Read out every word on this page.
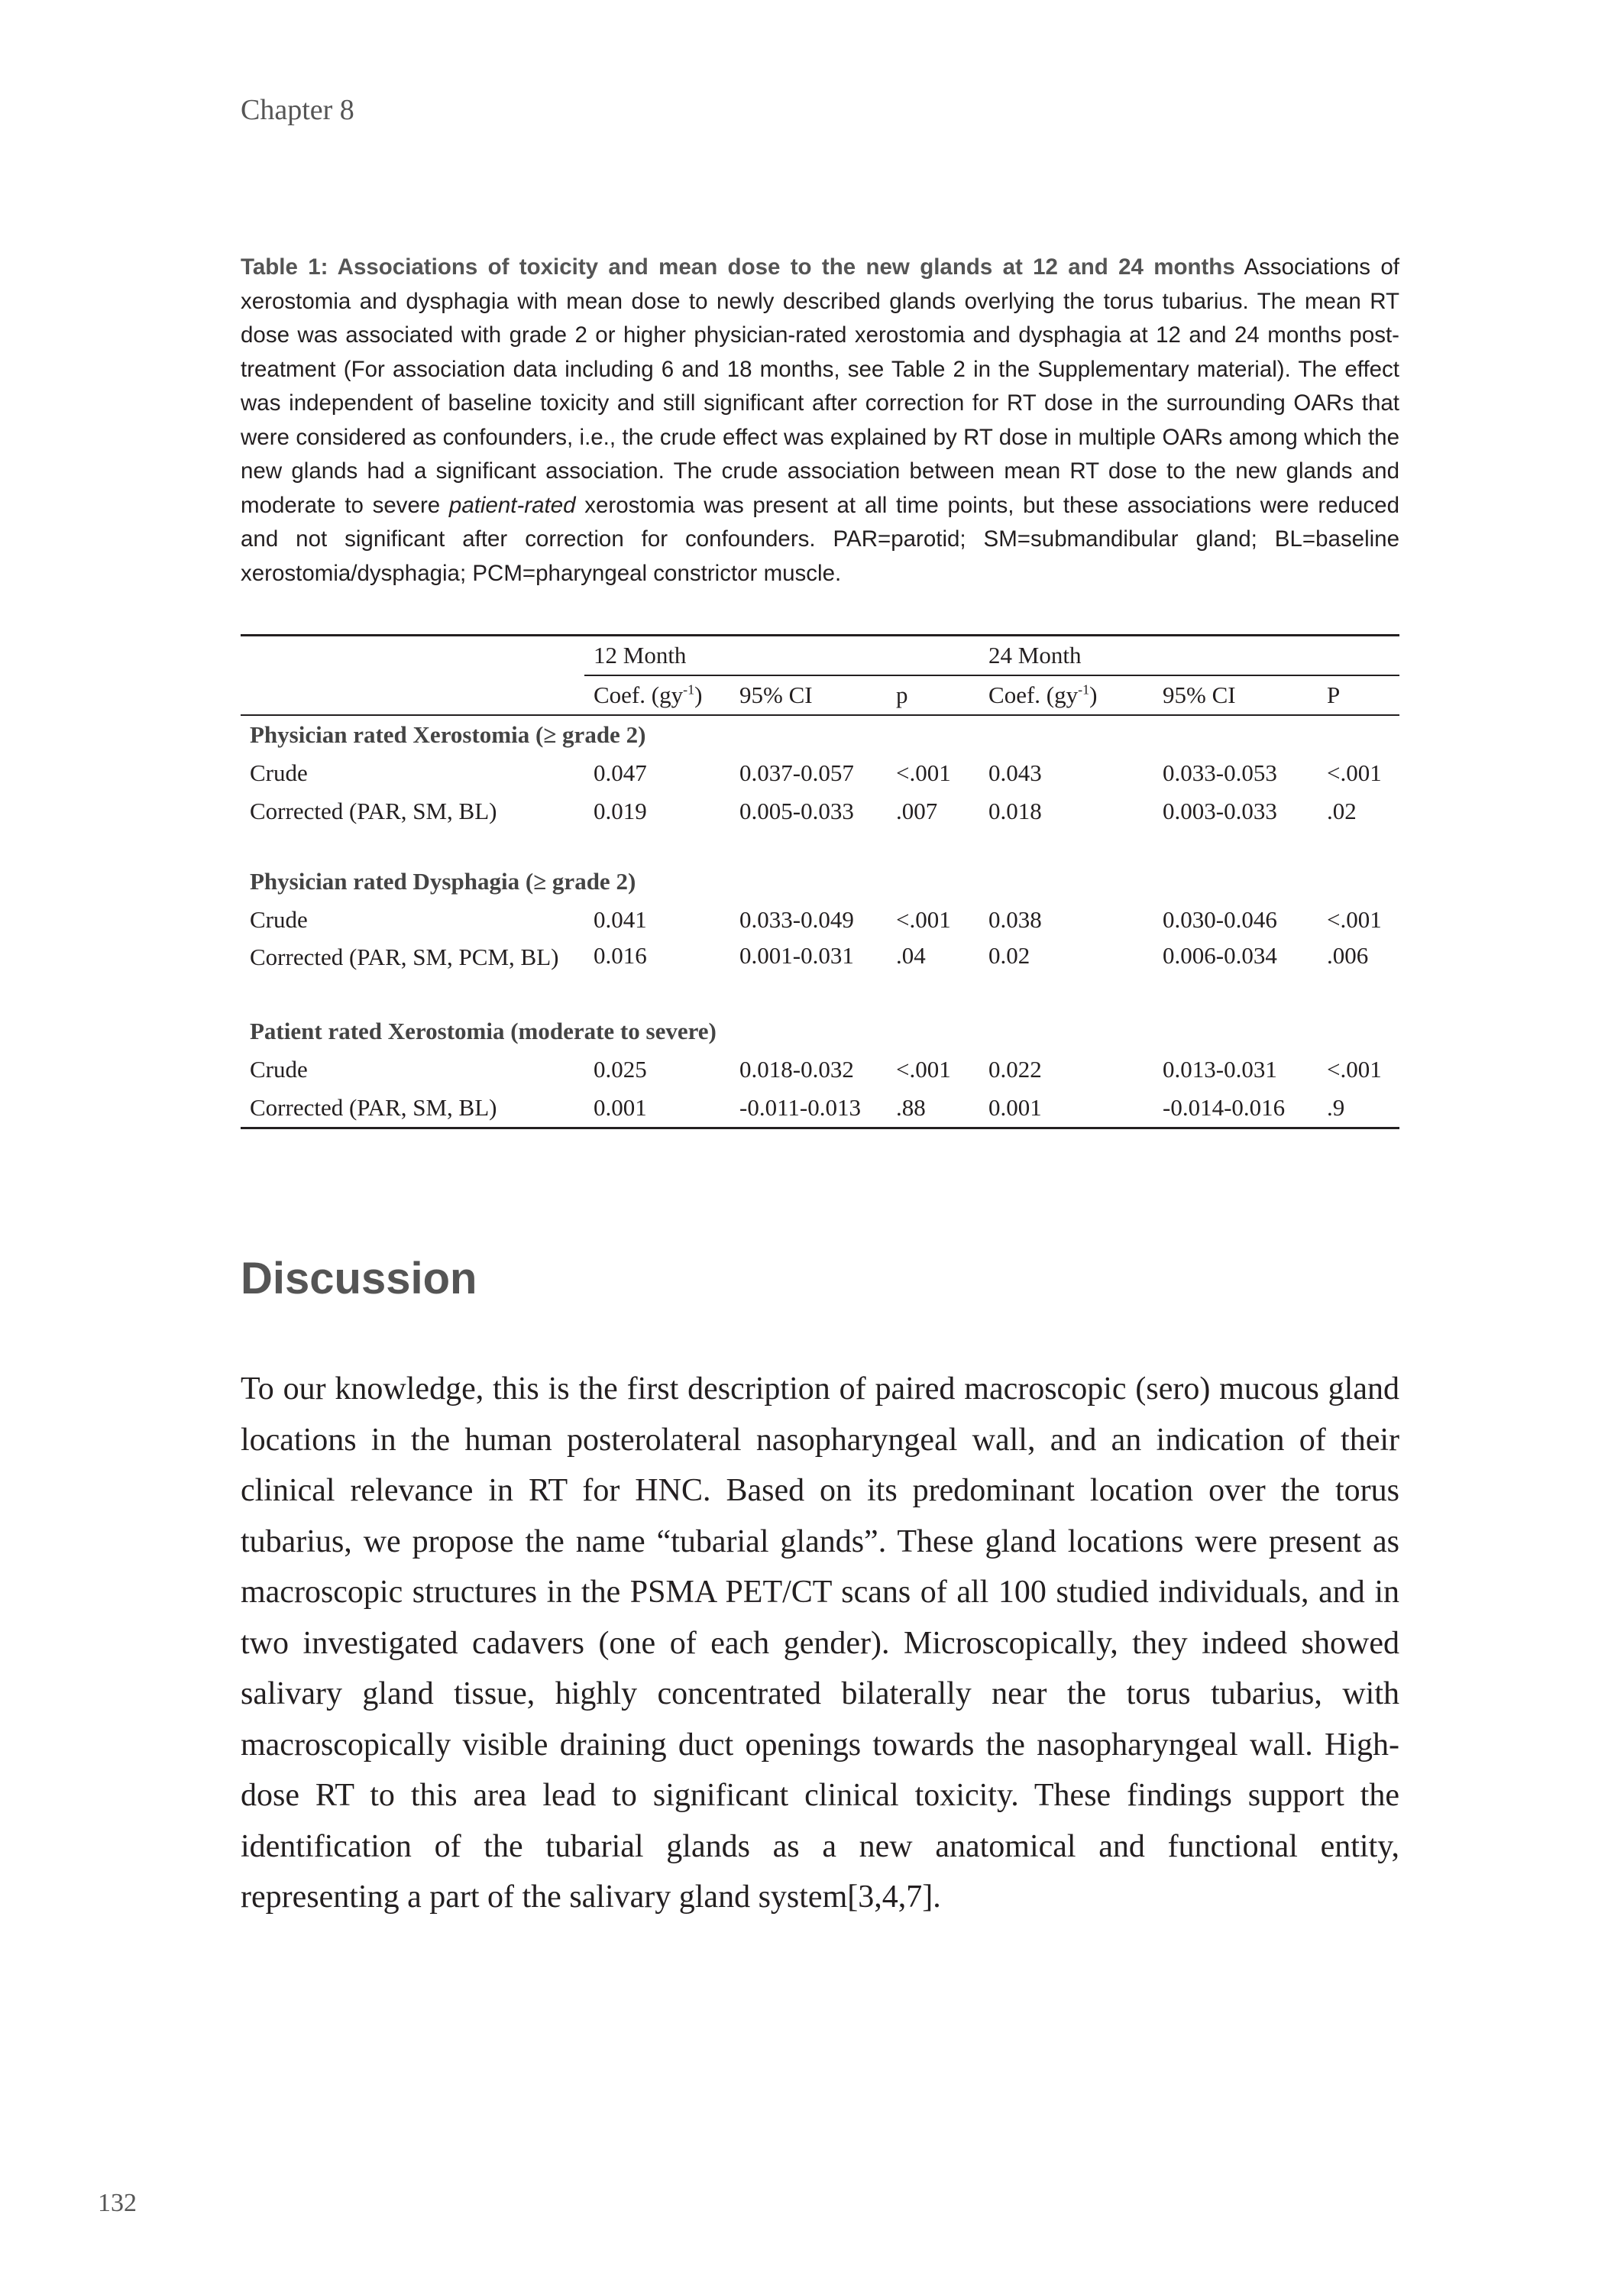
Chapter 8
Table 1: Associations of toxicity and mean dose to the new glands at 12 and 24 months Associations of xerostomia and dysphagia with mean dose to newly described glands overlying the torus tubarius. The mean RT dose was associated with grade 2 or higher physician-rated xerostomia and dysphagia at 12 and 24 months post-treatment (For association data including 6 and 18 months, see Table 2 in the Supplementary material). The effect was independent of baseline toxicity and still significant after correction for RT dose in the surrounding OARs that were considered as confounders, i.e., the crude effect was explained by RT dose in multiple OARs among which the new glands had a significant association. The crude association between mean RT dose to the new glands and moderate to severe patient-rated xerostomia was present at all time points, but these associations were reduced and not significant after correction for confounders. PAR=parotid; SM=submandibular gland; BL=baseline xerostomia/dysphagia; PCM=pharyngeal constrictor muscle.
	12 Month			24 Month		
	Coef. $(gy^{-1})$	95% CI	p	Coef. $(gy^{-1})$	95% CI	P
Physician rated Xerostomia (≥ grade 2)						
Crude	0.047	0.037-0.057	<.001	0.043	0.033-0.053	<.001
Corrected (PAR, SM, BL)	0.019	0.005-0.033	.007	0.018	0.003-0.033	.02

Physician rated Dysphagia (≥ grade 2)						
Crude	0.041	0.033-0.049	<.001	0.038	0.030-0.046	<.001
Corrected (PAR, SM, PCM, BL)	0.016	0.001-0.031	.04	0.02	0.006-0.034	.006

Patient rated Xerostomia (moderate to severe)						
Crude	0.025	0.018-0.032	<.001	0.022	0.013-0.031	<.001
Corrected (PAR, SM, BL)	0.001	-0.011-0.013	.88	0.001	-0.014-0.016	.9
Discussion
To our knowledge, this is the first description of paired macroscopic (sero) mucous gland locations in the human posterolateral nasopharyngeal wall, and an indication of their clinical relevance in RT for HNC. Based on its predominant location over the torus tubarius, we propose the name “tubarial glands”. These gland locations were present as macroscopic structures in the PSMA PET/CT scans of all 100 studied individuals, and in two investigated cadavers (one of each gender). Microscopically, they indeed showed salivary gland tissue, highly concentrated bilaterally near the torus tubarius, with macroscopically visible draining duct openings towards the nasopharyngeal wall. High-dose RT to this area lead to significant clinical toxicity. These findings support the identification of the tubarial glands as a new anatomical and functional entity, representing a part of the salivary gland system[3,4,7].
132
